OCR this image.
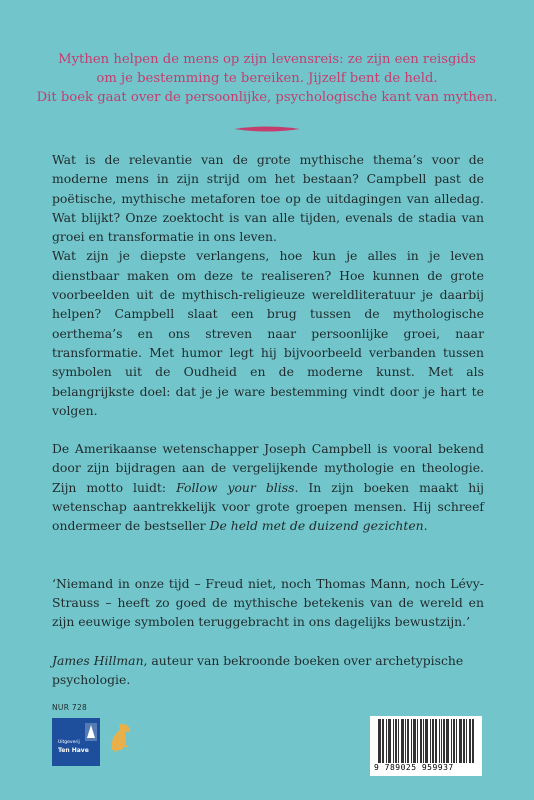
Mythen helpen de mens op zijn levensreis: ze zijn een reisgids
om je bestemming te bereiken. Jijzelf bent de held.
Dit boek gaat over de persoonlijke, psychologische kant van mythen.

Wat is de relevantie van de grote mythische thema’s voor de moderne mens in zijn strijd om het bestaan? Campbell past de poëtische, mythische metaforen toe op de uitdagingen van alledag. Wat blijkt? Onze zoektocht is van alle tijden, evenals de stadia van groei en transformatie in ons leven.

Wat zijn je diepste verlangens, hoe kun je alles in je leven dienstbaar maken om deze te realiseren? Hoe kunnen de grote voorbeelden uit de mythisch-religieuze wereldliteratuur je daarbij helpen? Campbell slaat een brug tussen de mythologische oerthema’s en ons streven naar persoonlijke groei, naar transformatie. Met humor legt hij bijvoorbeeld verbanden tussen symbolen uit de Oudheid en de moderne kunst. Met als belangrijkste doel: dat je je ware bestemming vindt door je hart te volgen.

De Amerikaanse wetenschapper Joseph Campbell is vooral bekend door zijn bijdragen aan de vergelijkende mythologie en theologie. Zijn motto luidt: Follow your bliss. In zijn boeken maakt hij wetenschap aantrekkelijk voor grote groepen mensen. Hij schreef ondermeer de bestseller De held met de duizend gezichten.

‘Niemand in onze tijd – Freud niet, noch Thomas Mann, noch Lévy-Strauss – heeft zo goed de mythische betekenis van de wereld en zijn eeuwige symbolen teruggebracht in ons dagelijks bewustzijn.’

James Hillman, auteur van bekroonde boeken over archetypische psychologie.

NUR 728
Uitgeverij
Ten Have
9 789025 959937
